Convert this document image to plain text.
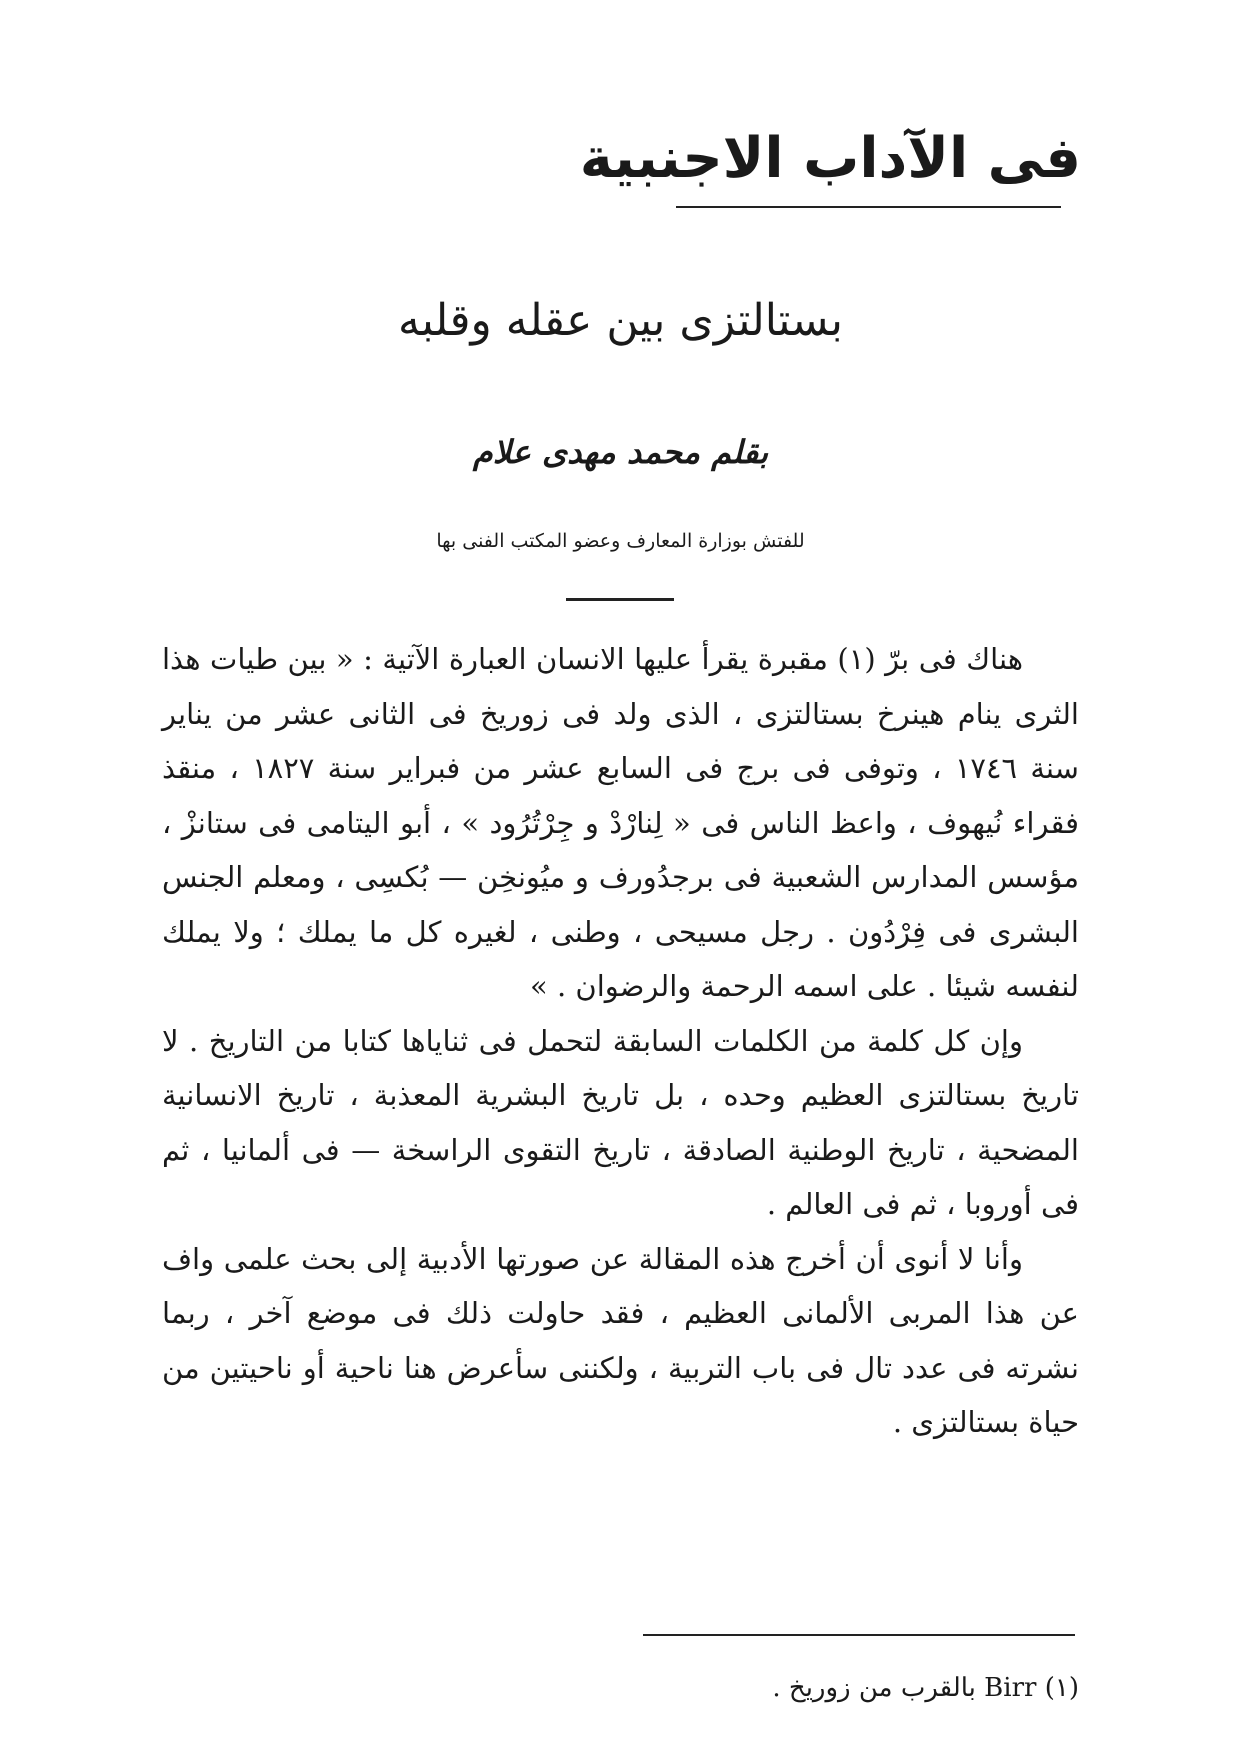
فى الآداب الاجنبية
بستالتزى بين عقله وقلبه
بقلم محمد مهدى علام
للفتش بوزارة المعارف وعضو المكتب الفنى بها

هناك فى برّ (١) مقبرة يقرأ عليها الانسان العبارة الآتية : « بين طيات هذا الثرى ينام هينرخ بستالتزى ، الذى ولد فى زوريخ فى الثانى عشر من يناير سنة ١٧٤٦ ، وتوفى فى برج فى السابع عشر من فبراير سنة ١٨٢٧ ، منقذ فقراء نُيهوف ، واعظ الناس فى « لِنارْدْ و جِرْتُرُود » ، أبو اليتامى فى ستانزْ ، مؤسس المدارس الشعبية فى برجدُورف و ميُونخِن — بُكسِى ، ومعلم الجنس البشرى فى فِرْدُون . رجل مسيحى ، وطنى ، لغيره كل ما يملك ؛ ولا يملك لنفسه شيئا . على اسمه الرحمة والرضوان . »

وإن كل كلمة من الكلمات السابقة لتحمل فى ثناياها كتابا من التاريخ . لا تاريخ بستالتزى العظيم وحده ، بل تاريخ البشرية المعذبة ، تاريخ الانسانية المضحية ، تاريخ الوطنية الصادقة ، تاريخ التقوى الراسخة — فى ألمانيا ، ثم فى أوروبا ، ثم فى العالم .

وأنا لا أنوى أن أخرج هذه المقالة عن صورتها الأدبية إلى بحث علمى واف عن هذا المربى الألمانى العظيم ، فقد حاولت ذلك فى موضع آخر ، ربما نشرته فى عدد تال فى باب التربية ، ولكننى سأعرض هنا ناحية أو ناحيتين من حياة بستالتزى .

(١) Birr بالقرب من زوريخ .
